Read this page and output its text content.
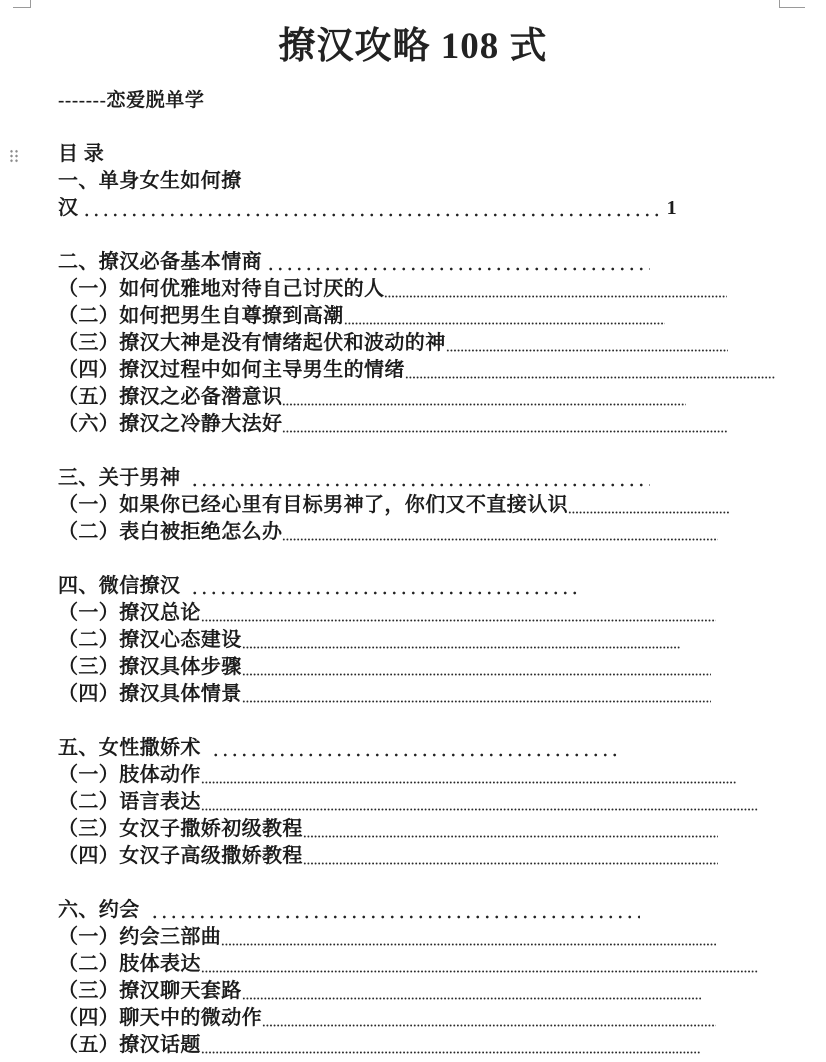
撩汉攻略 108 式
-------恋爱脱单学
目 录
一、单身女生如何撩
汉	1
二、撩汉必备基本情商
（一）如何优雅地对待自己讨厌的人
（二）如何把男生自尊撩到高潮
（三）撩汉大神是没有情绪起伏和波动的神
（四）撩汉过程中如何主导男生的情绪
（五）撩汉之必备潜意识
（六）撩汉之冷静大法好
三、关于男神
（一）如果你已经心里有目标男神了，你们又不直接认识
（二）表白被拒绝怎么办
四、微信撩汉
（一）撩汉总论
（二）撩汉心态建设
（三）撩汉具体步骤
（四）撩汉具体情景
五、女性撒娇术
（一）肢体动作
（二）语言表达
（三）女汉子撒娇初级教程
（四）女汉子高级撒娇教程
六、约会
（一）约会三部曲
（二）肢体表达
（三）撩汉聊天套路
（四）聊天中的微动作
（五）撩汉话题
